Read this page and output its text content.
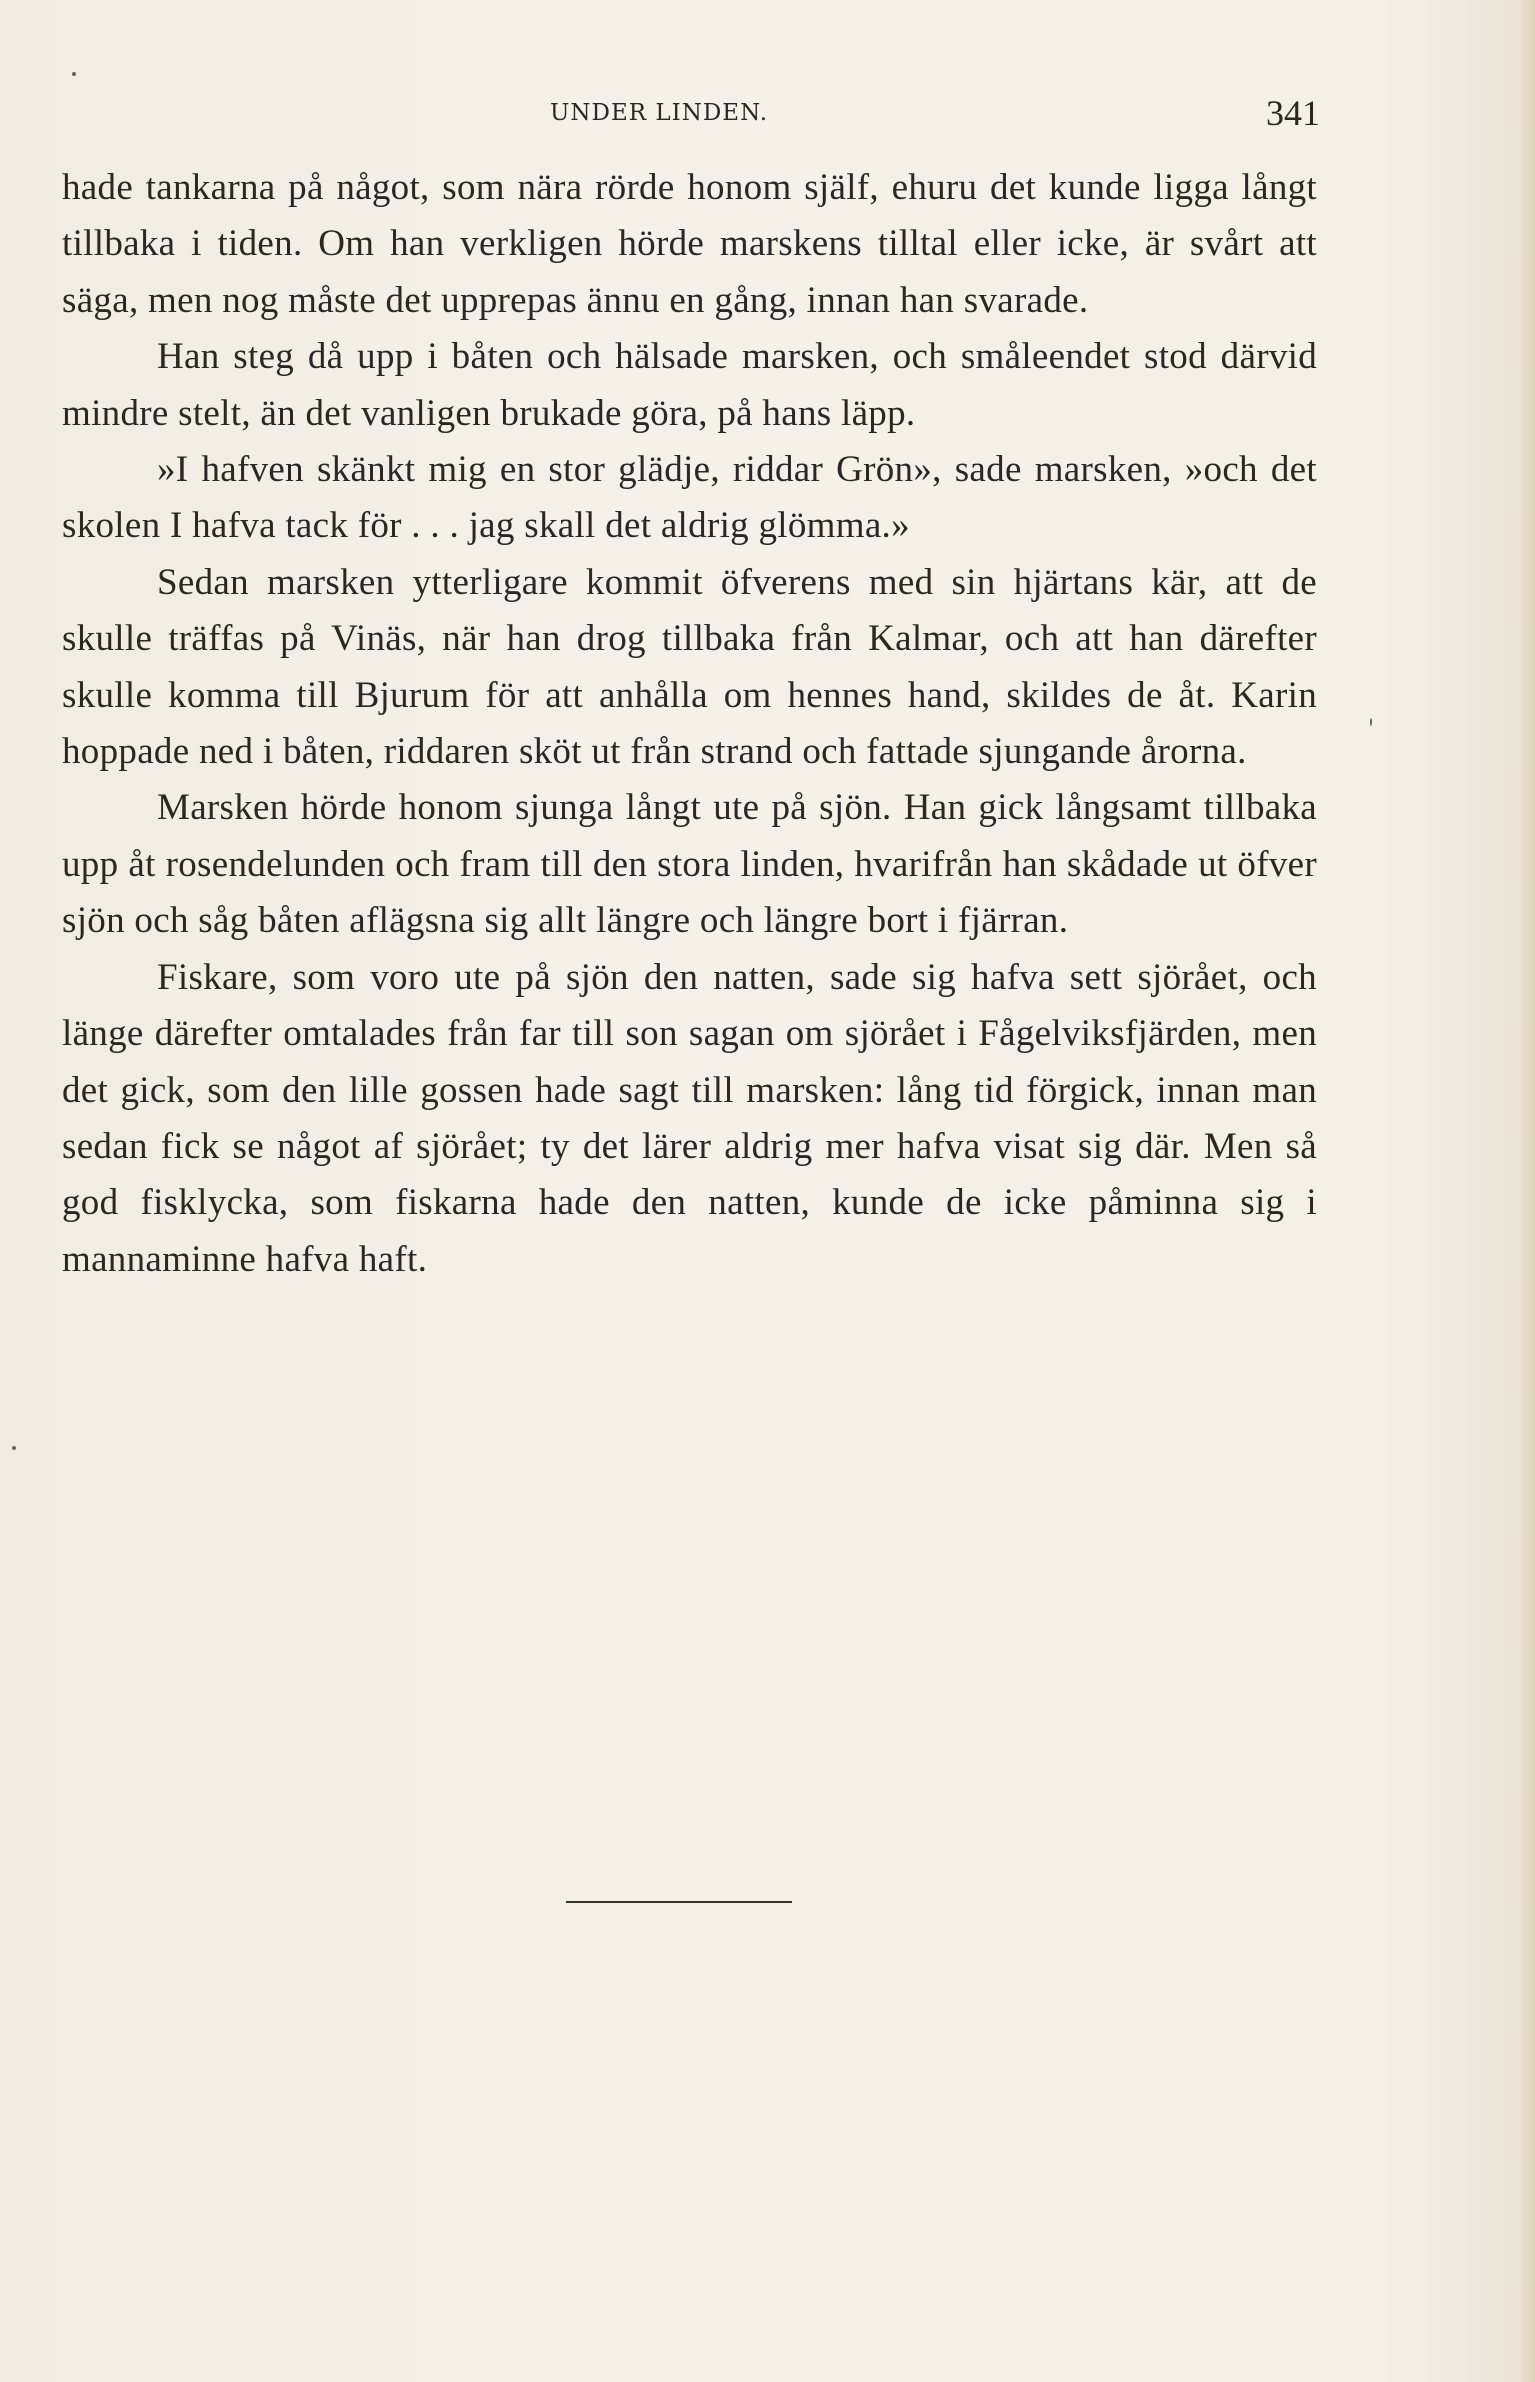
UNDER LINDEN.	341

hade tankarna på något, som nära rörde honom själf, ehuru det kunde ligga långt tillbaka i tiden. Om han verkligen hörde marskens tilltal eller icke, är svårt att säga, men nog måste det upprepas ännu en gång, innan han svarade.

Han steg då upp i båten och hälsade marsken, och småleendet stod därvid mindre stelt, än det vanligen brukade göra, på hans läpp.

»I hafven skänkt mig en stor glädje, riddar Grön», sade marsken, »och det skolen I hafva tack för . . . jag skall det aldrig glömma.»

Sedan marsken ytterligare kommit öfverens med sin hjärtans kär, att de skulle träffas på Vinäs, när han drog tillbaka från Kalmar, och att han därefter skulle komma till Bjurum för att anhålla om hennes hand, skildes de åt. Karin hoppade ned i båten, riddaren sköt ut från strand och fattade sjungande årorna.

Marsken hörde honom sjunga långt ute på sjön. Han gick långsamt tillbaka upp åt rosendelunden och fram till den stora linden, hvarifrån han skådade ut öfver sjön och såg båten aflägsna sig allt längre och längre bort i fjärran.

Fiskare, som voro ute på sjön den natten, sade sig hafva sett sjörået, och länge därefter omtalades från far till son sagan om sjörået i Fågelviksfjärden, men det gick, som den lille gossen hade sagt till marsken: lång tid förgick, innan man sedan fick se något af sjörået; ty det lärer aldrig mer hafva visat sig där. Men så god fisklycka, som fiskarna hade den natten, kunde de icke påminna sig i mannaminne hafva haft.
